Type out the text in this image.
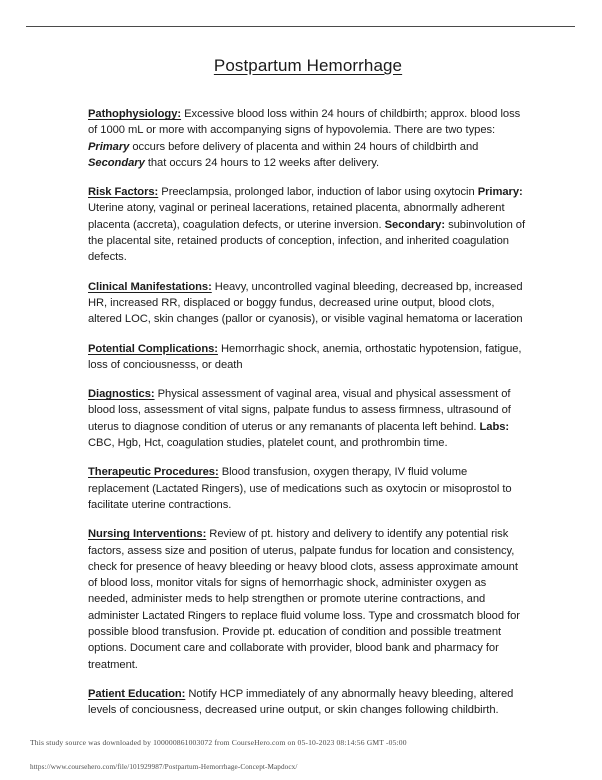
Postpartum Hemorrhage

Pathophysiology: Excessive blood loss within 24 hours of childbirth; approx. blood loss of 1000 mL or more with accompanying signs of hypovolemia. There are two types: Primary occurs before delivery of placenta and within 24 hours of childbirth and Secondary that occurs 24 hours to 12 weeks after delivery.

Risk Factors: Preeclampsia, prolonged labor, induction of labor using oxytocin Primary: Uterine atony, vaginal or perineal lacerations, retained placenta, abnormally adherent placenta (accreta), coagulation defects, or uterine inversion. Secondary: subinvolution of the placental site, retained products of conception, infection, and inherited coagulation defects.

Clinical Manifestations: Heavy, uncontrolled vaginal bleeding, decreased bp, increased HR, increased RR, displaced or boggy fundus, decreased urine output, blood clots, altered LOC, skin changes (pallor or cyanosis), or visible vaginal hematoma or laceration

Potential Complications: Hemorrhagic shock, anemia, orthostatic hypotension, fatigue, loss of conciousnesss, or death

Diagnostics: Physical assessment of vaginal area, visual and physical assessment of blood loss, assessment of vital signs, palpate fundus to assess firmness, ultrasound of uterus to diagnose condition of uterus or any remanants of placenta left behind. Labs: CBC, Hgb, Hct, coagulation studies, platelet count, and prothrombin time.

Therapeutic Procedures: Blood transfusion, oxygen therapy, IV fluid volume replacement (Lactated Ringers), use of medications such as oxytocin or misoprostol to facilitate uterine contractions.

Nursing Interventions: Review of pt. history and delivery to identify any potential risk factors, assess size and position of uterus, palpate fundus for location and consistency, check for presence of heavy bleeding or heavy blood clots, assess approximate amount of blood loss, monitor vitals for signs of hemorrhagic shock, administer oxygen as needed, administer meds to help strengthen or promote uterine contractions, and administer Lactated Ringers to replace fluid volume loss. Type and crossmatch blood for possible blood transfusion. Provide pt. education of condition and possible treatment options. Document care and collaborate with provider, blood bank and pharmacy for treatment.

Patient Education: Notify HCP immediately of any abnormally heavy bleeding, altered levels of conciousness, decreased urine output, or skin changes following childbirth.

This study source was downloaded by 100000861003072 from CourseHero.com on 05-10-2023 08:14:56 GMT -05:00
https://www.coursehero.com/file/101929987/Postpartum-Hemorrhage-Concept-Mapdocx/
